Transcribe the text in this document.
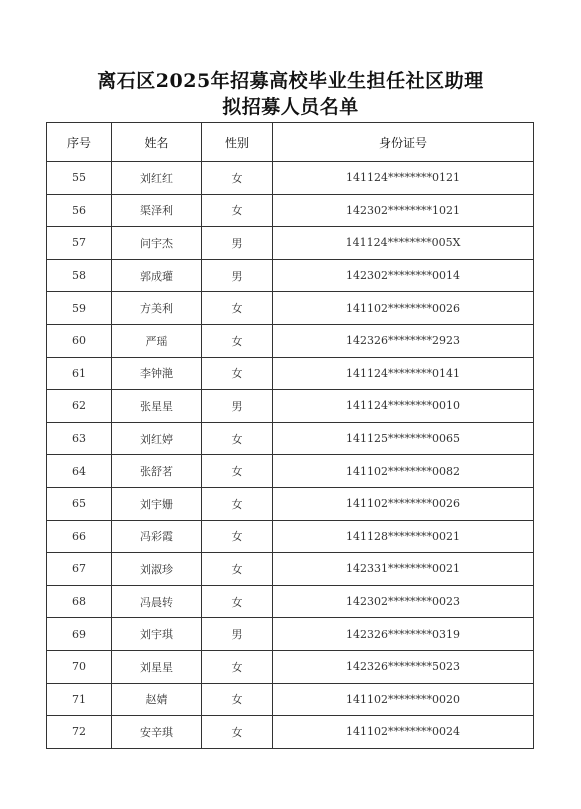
离石区2025年招募高校毕业生担任社区助理
拟招募人员名单
序号	姓名	性别	身份证号
55	刘红红	女	141124********0121
56	渠泽利	女	142302********1021
57	问宇杰	男	141124********005X
58	郭成瓘	男	142302********0014
59	方美利	女	141102********0026
60	严瑶	女	142326********2923
61	李钟滟	女	141124********0141
62	张星星	男	141124********0010
63	刘红婷	女	141125********0065
64	张舒茗	女	141102********0082
65	刘宇姗	女	141102********0026
66	冯彩霞	女	141128********0021
67	刘淑珍	女	142331********0021
68	冯晨转	女	142302********0023
69	刘宇琪	男	142326********0319
70	刘星星	女	142326********5023
71	赵婧	女	141102********0020
72	安辛琪	女	141102********0024
